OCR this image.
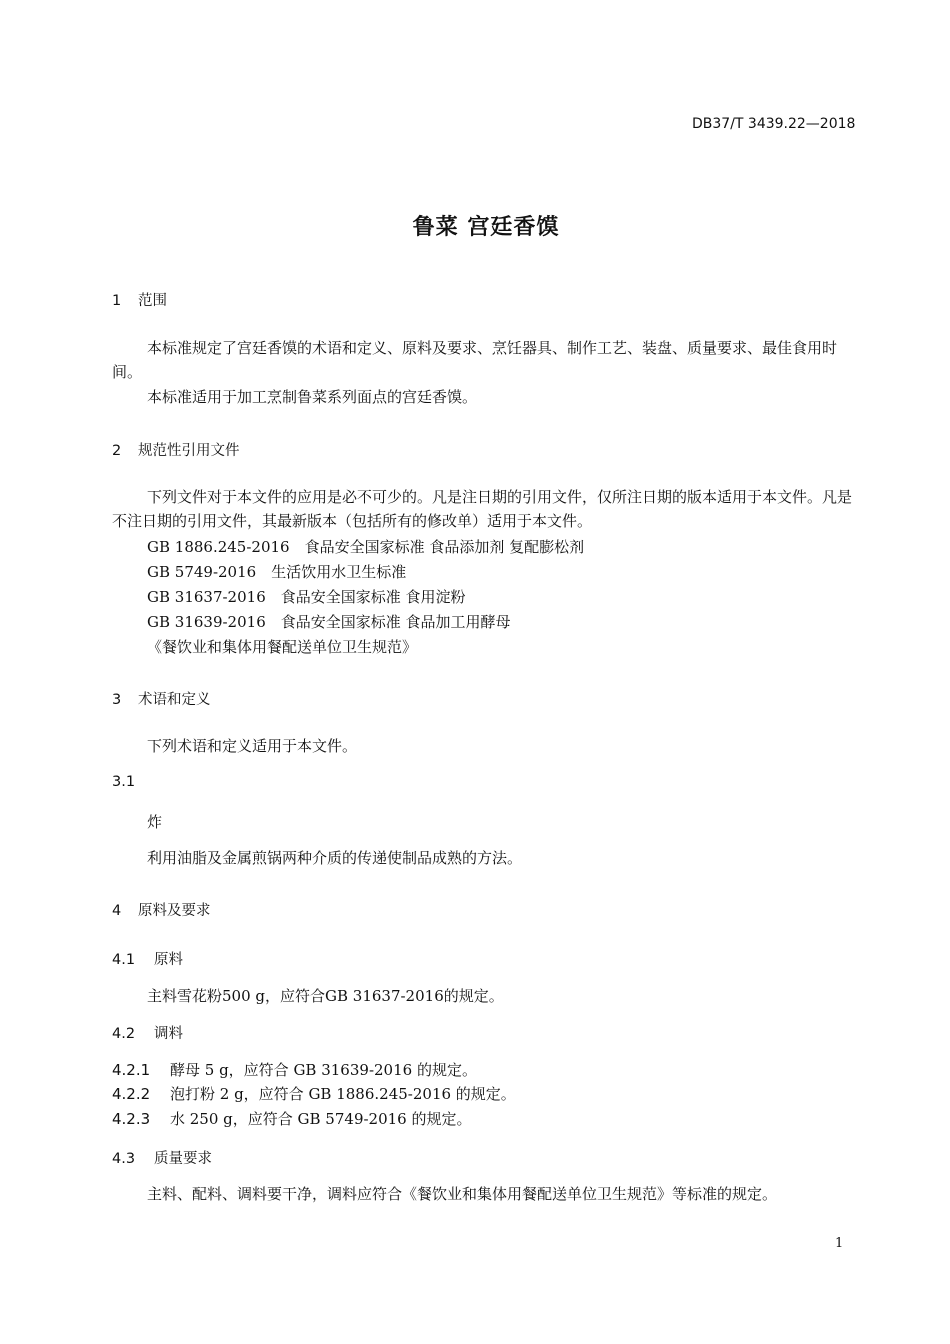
DB37/T 3439.22—2018
鲁菜 宫廷香馍
1 范围
本标准规定了宫廷香馍的术语和定义、原料及要求、烹饪器具、制作工艺、装盘、质量要求、最佳食用时间。
本标准适用于加工烹制鲁菜系列面点的宫廷香馍。
2 规范性引用文件
下列文件对于本文件的应用是必不可少的。凡是注日期的引用文件，仅所注日期的版本适用于本文件。凡是不注日期的引用文件，其最新版本（包括所有的修改单）适用于本文件。
GB 1886.245-2016　食品安全国家标准 食品添加剂 复配膨松剂
GB 5749-2016　生活饮用水卫生标准
GB 31637-2016　食品安全国家标准 食用淀粉
GB 31639-2016　食品安全国家标准 食品加工用酵母
《餐饮业和集体用餐配送单位卫生规范》
3 术语和定义
下列术语和定义适用于本文件。
3.1
炸
利用油脂及金属煎锅两种介质的传递使制品成熟的方法。
4 原料及要求
4.1 原料
主料雪花粉500 g，应符合GB 31637-2016的规定。
4.2 调料
4.2.1 酵母 5 g，应符合 GB 31639-2016 的规定。
4.2.2 泡打粉 2 g，应符合 GB 1886.245-2016 的规定。
4.2.3 水 250 g，应符合 GB 5749-2016 的规定。
4.3 质量要求
主料、配料、调料要干净，调料应符合《餐饮业和集体用餐配送单位卫生规范》等标准的规定。
1
